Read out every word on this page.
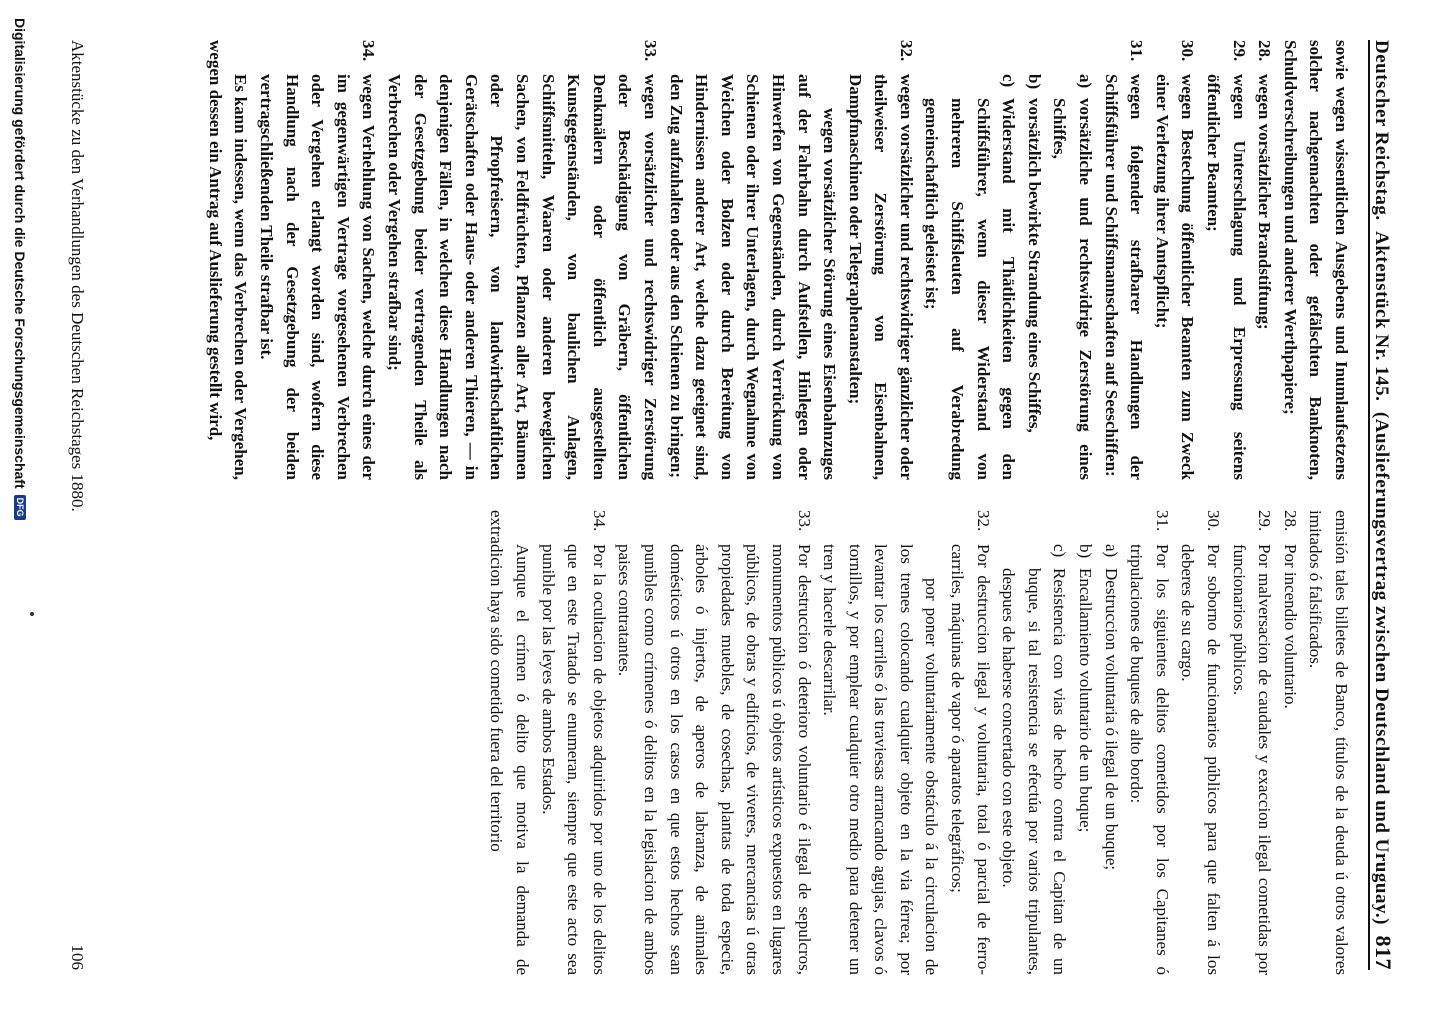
Deutscher Reichstag.
Aktenstück Nr. 145.
(Auslieferungsvertrag zwischen Deutschland und Uruguay.)
817

sowie wegen wissentlichen Ausgebens und Inumlaufsetzens solcher nachgemachten oder gefälschten Banknoten, Schuldverschreibungen und anderer Werthpapiere;

28.
wegen vorsätzlicher Brandstiftung;
29.
wegen Unterschlagung und Erpressung seitens öffentlicher Beamten;
30.
wegen Bestechung öffentlicher Beamten zum Zweck einer Verletzung ihrer Amtspflicht;
31.
wegen folgender strafbarer Handlungen der Schiffsführer und Schiffsmannschaften auf Seeschiffen:
a)
vorsätzliche und rechtswidrige Zerstörung eines Schiffes,
b)
vorsätzlich bewirkte Strandung eines Schiffes,
c)
Widerstand mit Thätlichkeiten gegen den Schiffsführer, wenn dieser Widerstand von mehreren Schiffsleuten auf Verabredung gemeinschaftlich geleistet ist;
32.
wegen vorsätzlicher und rechtswidriger gänzlicher oder theilweiser Zerstörung von Eisenbahnen, Dampfmaschinen oder Telegraphenanstalten;

wegen vorsätzlicher Störung eines Eisenbahnzuges auf der Fahrbahn durch Aufstellen, Hinlegen oder Hinwerfen von Gegenständen, durch Verrückung von Schienen oder ihrer Unterlagen, durch Wegnahme von Weichen oder Bolzen oder durch Bereitung von Hindernissen anderer Art, welche dazu geeignet sind, den Zug aufzuhalten oder aus den Schienen zu bringen;

33.
wegen vorsätzlicher und rechtswidriger Zerstörung oder Beschädigung von Gräbern, öffentlichen Denkmälern oder öffentlich ausgestellten Kunstgegenständen, von baulichen Anlagen, Schiffsmitteln, Waaren oder anderen beweglichen Sachen, von Feldfrüchten, Pflanzen aller Art, Bäumen oder Pfropfreisern, von landwirthschaftlichen Gerätschaften oder Haus- oder anderen Thieren, — in denjenigen Fällen, in welchen diese Handlungen nach der Gesetzgebung beider vertragenden Theile als Verbrechen oder Vergehen strafbar sind;
34.
wegen Verhehlung von Sachen, welche durch eines der im gegenwärtigen Vertrage vorgesehenen Verbrechen oder Vergehen erlangt worden sind, wofern diese Handlung nach der Gesetzgebung der beiden vertragschließenden Theile strafbar ist.

Es kann indessen, wenn das Verbrechen oder Vergehen, wegen dessen ein Antrag auf Auslieferung gestellt wird,

emisión tales billetes de Banco, títulos de la deuda ú otros valores imitados ó falsificados.

28.
Por incendio voluntario.
29.
Por malversacion de caudales y exaccion ilegal cometidas por funcionarios públicos.
30.
Por soborno de funcionarios públicos para que falten á los deberes de su cargo.
31.
Por los siguientes delitos cometidos por los Capitanes ó tripulaciones de buques de alto bordo:
a)
Destruccion voluntaria ó ilegal de un buque;
b)
Encallamiento voluntario de un buque;
c)
Resistencia con vias de hecho contra el Capitan de un buque, si tal resistencia se efectúa por varios tripulantes, despues de haberse concertado con este objeto.
32.
Por destruccion ilegal y voluntaria, total ó parcial de ferro-carriles, máquinas de vapor ó aparatos telegráficos;

por poner voluntariamente obstáculo á la circulacion de los trenes colocando cualquier objeto en la via férrea; por levantar los carriles ó las traviesas arrancando agujas, clavos ó tornillos, y por emplear cualquier otro medio para detener un tren y hacerle descarrilar.

33.
Por destruccion ó deterioro voluntario é ilegal de sepulcros, monumentos públicos ú objetos artísticos expuestos en lugares públicos, de obras y edificios, de viveres, mercancias ú otras propiedades muebles, de cosechas, plantas de toda especie, árboles ó injertos, de aperos de labranza, de animales domésticos ú otros en los casos en que estos hechos sean punibles como crímenes ó delitos en la legislacion de ambos paises contratantes.
34.
Por la ocultacion de objetos adquiridos por uno de los delitos que en este Tratado se enumeran, siempre que este acto sea punible por las leyes de ambos Estados.

Aunque el crímen ó delito que motiva la demanda de extradicion haya sido cometido fuera del territorio

Aktenstücke zu den Verhandlungen des Deutschen Reichstages 1880.
106
Digitalisierung gefördert durch die Deutsche Forschungsgemeinschaft
DFG
